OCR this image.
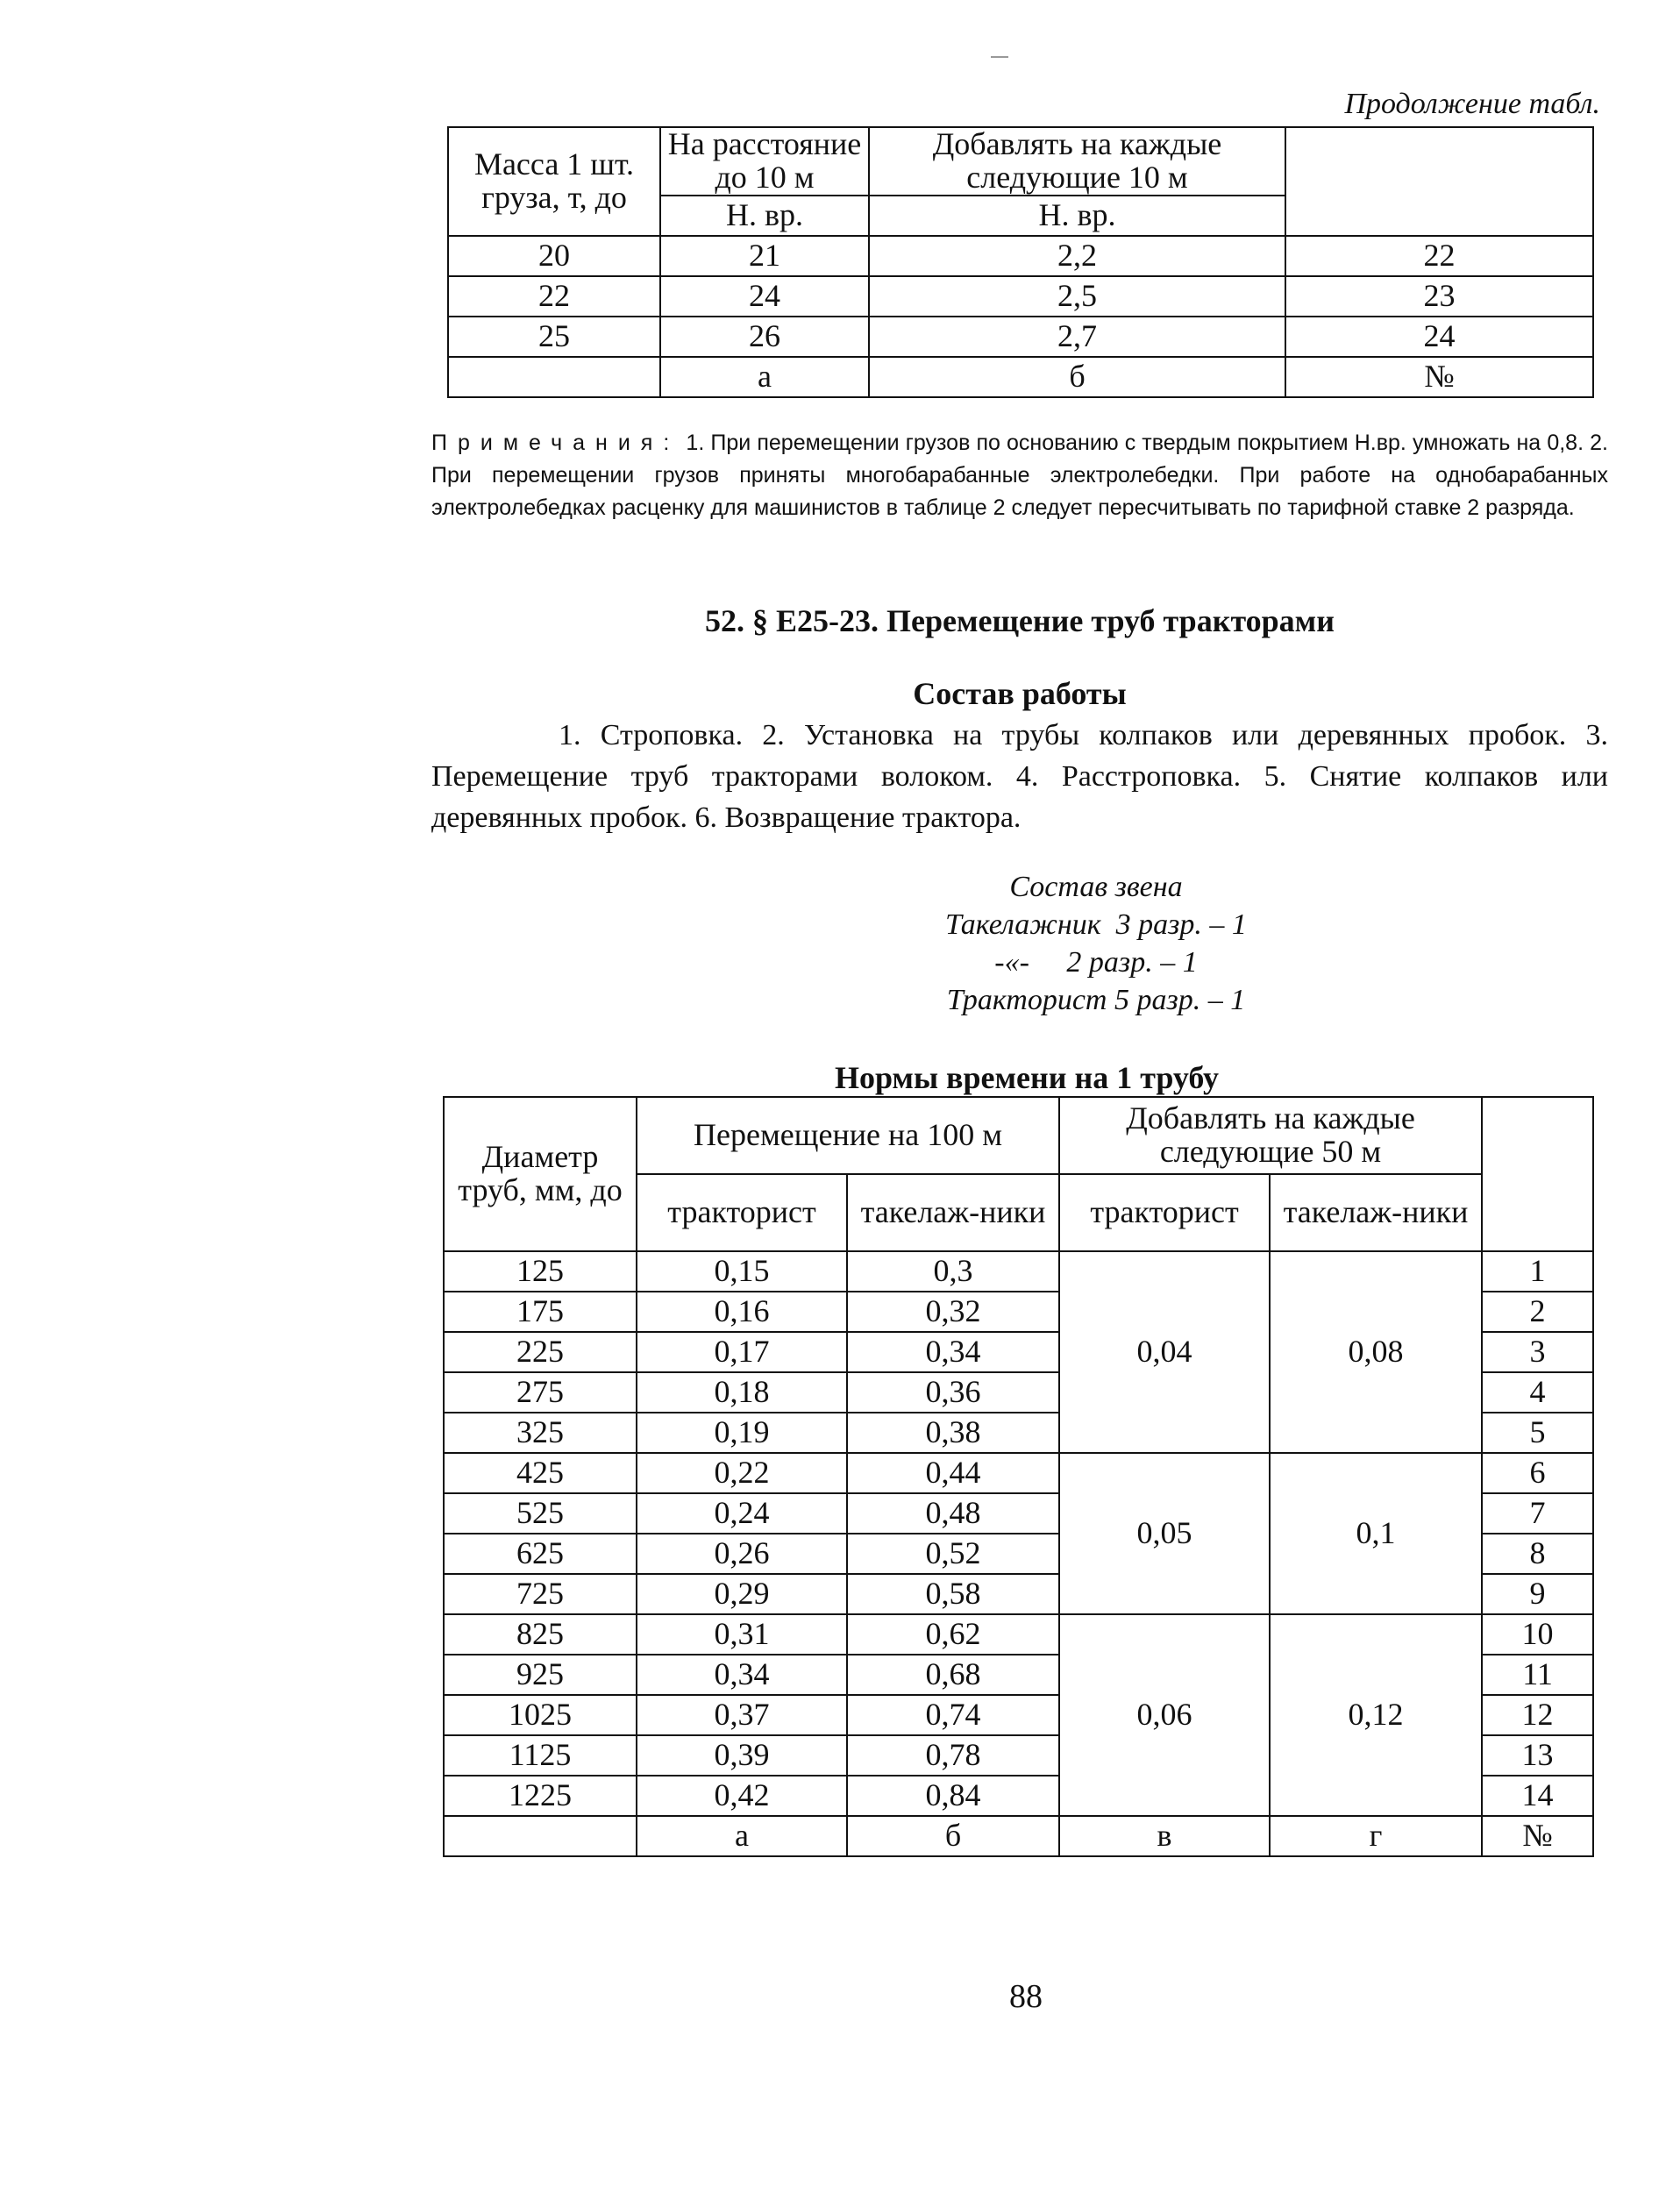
Продолжение табл.
Масса 1 шт. груза, т, до	На расстояние до 10 м	Добавлять на каждые следующие 10 м	
	Н. вр.	Н. вр.	
20	21	2,2	22
22	24	2,5	23
25	26	2,7	24
	а	б	№
Примечания: 1. При перемещении грузов по основанию с твердым покрытием Н.вр. умножать на 0,8. 2. При перемещении грузов приняты многобарабанные электролебедки. При работе на однобарабанных электролебедках расценку для машинистов в таблице 2 следует пересчитывать по тарифной ставке 2 разряда.
52. § Е25-23. Перемещение труб тракторами
Состав работы
1. Строповка. 2. Установка на трубы колпаков или деревянных пробок. 3. Перемещение труб тракторами волоком. 4. Расстроповка. 5. Снятие колпаков или деревянных пробок. 6. Возвращение трактора.
Состав звена
Такелажник  3 разр. – 1
-«-     2 разр. – 1
Тракторист 5 разр. – 1
Нормы времени на 1 трубу
Диаметр труб, мм, до	Перемещение на 100 м		Добавлять на каждые следующие 50 м		
	тракторист	такелаж-ники	тракторист	такелаж-ники	
125	0,15	0,3	0,04	0,08	1
175	0,16	0,32			2
225	0,17	0,34			3
275	0,18	0,36			4
325	0,19	0,38			5
425	0,22	0,44	0,05	0,1	6
525	0,24	0,48			7
625	0,26	0,52			8
725	0,29	0,58			9
825	0,31	0,62	0,06	0,12	10
925	0,34	0,68			11
1025	0,37	0,74			12
1125	0,39	0,78			13
1225	0,42	0,84			14
	а	б	в	г	№
88
